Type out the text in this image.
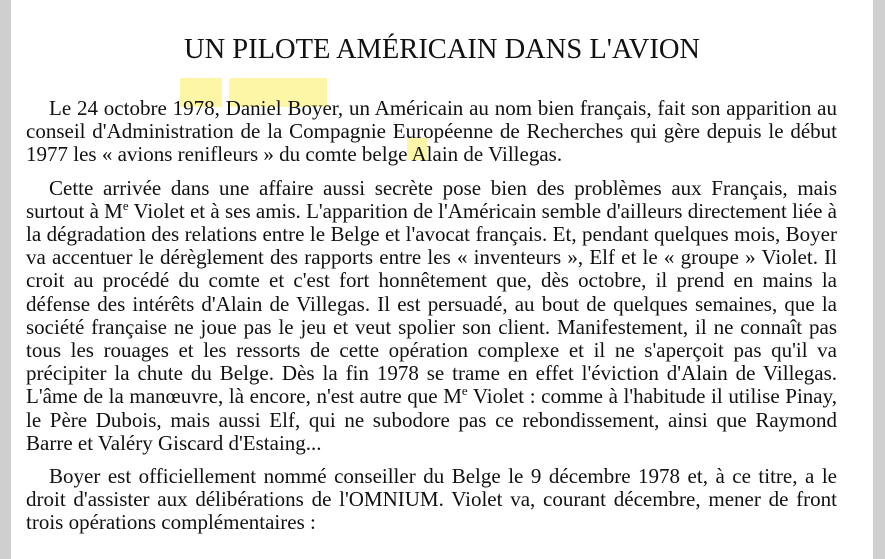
UN PILOTE AMÉRICAIN DANS L'AVION

Le 24 octobre 1978, Daniel Boyer, un Américain au nom bien français, fait son apparition au conseil d'Administration de la Compagnie Européenne de Recherches qui gère depuis le début 1977 les « avions renifleurs » du comte belge Alain de Villegas.

Cette arrivée dans une affaire aussi secrète pose bien des problèmes aux Français, mais surtout à Me Violet et à ses amis. L'apparition de l'Américain semble d'ailleurs directement liée à la dégradation des relations entre le Belge et l'avocat français. Et, pendant quelques mois, Boyer va accentuer le dérèglement des rapports entre les « inventeurs », Elf et le « groupe » Violet. Il croit au procédé du comte et c'est fort honnêtement que, dès octobre, il prend en mains la défense des intérêts d'Alain de Villegas. Il est persuadé, au bout de quelques semaines, que la société française ne joue pas le jeu et veut spolier son client. Manifestement, il ne connaît pas tous les rouages et les ressorts de cette opération complexe et il ne s'aperçoit pas qu'il va précipiter la chute du Belge. Dès la fin 1978 se trame en effet l'éviction d'Alain de Villegas. L'âme de la manœuvre, là encore, n'est autre que Me Violet : comme à l'habitude il utilise Pinay, le Père Dubois, mais aussi Elf, qui ne subodore pas ce rebondissement, ainsi que Raymond Barre et Valéry Giscard d'Estaing...

Boyer est officiellement nommé conseiller du Belge le 9 décembre 1978 et, à ce titre, a le droit d'assister aux délibérations de l'OMNIUM. Violet va, courant décembre, mener de front trois opérations complémentaires :
